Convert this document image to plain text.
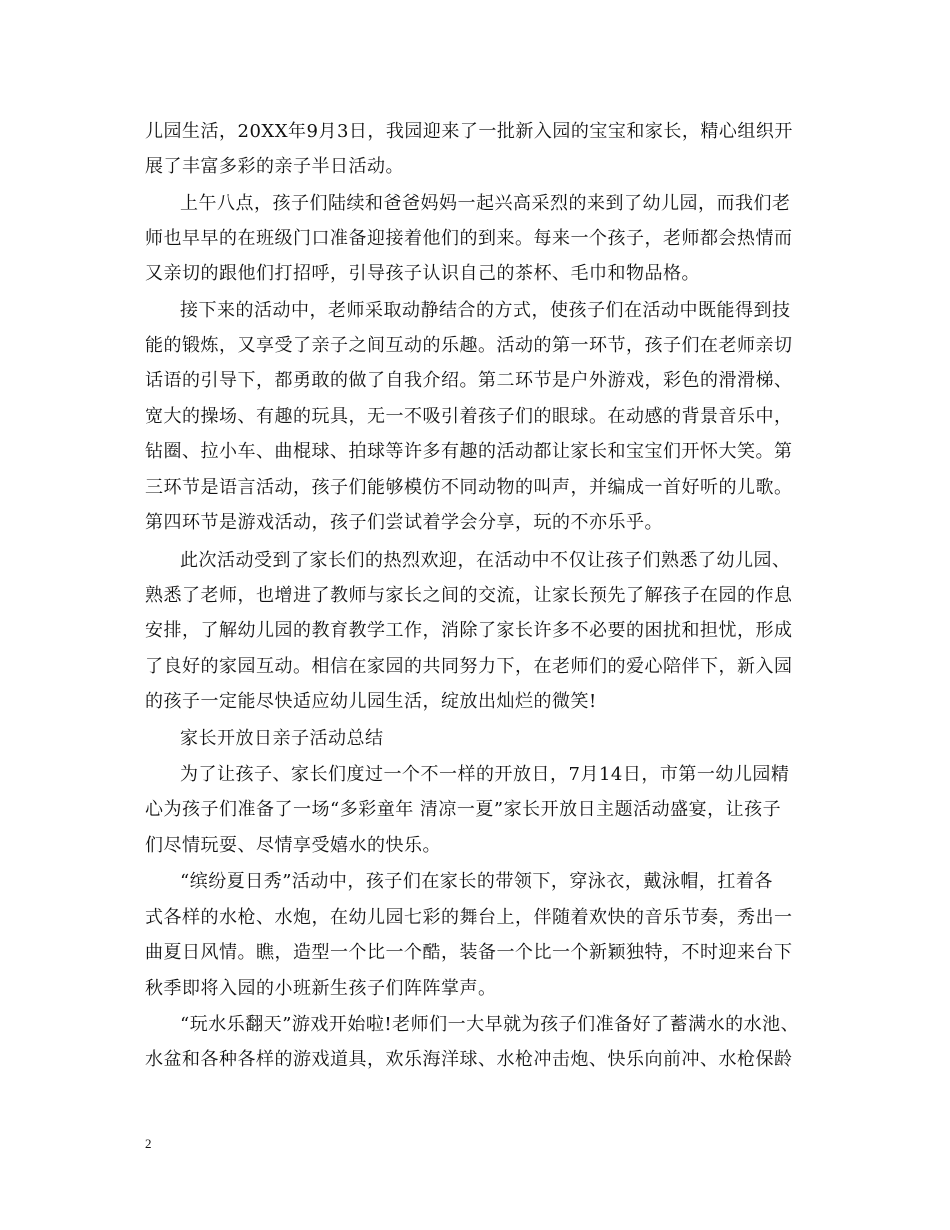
儿园生活，20XX年9月3日，我园迎来了一批新入园的宝宝和家长，精心组织开
展了丰富多彩的亲子半日活动。
上午八点，孩子们陆续和爸爸妈妈一起兴高采烈的来到了幼儿园，而我们老
师也早早的在班级门口准备迎接着他们的到来。每来一个孩子，老师都会热情而
又亲切的跟他们打招呼，引导孩子认识自己的茶杯、毛巾和物品格。
接下来的活动中，老师采取动静结合的方式，使孩子们在活动中既能得到技
能的锻炼，又享受了亲子之间互动的乐趣。活动的第一环节，孩子们在老师亲切
话语的引导下，都勇敢的做了自我介绍。第二环节是户外游戏，彩色的滑滑梯、
宽大的操场、有趣的玩具，无一不吸引着孩子们的眼球。在动感的背景音乐中，
钻圈、拉小车、曲棍球、拍球等许多有趣的活动都让家长和宝宝们开怀大笑。第
三环节是语言活动，孩子们能够模仿不同动物的叫声，并编成一首好听的儿歌。
第四环节是游戏活动，孩子们尝试着学会分享，玩的不亦乐乎。
此次活动受到了家长们的热烈欢迎，在活动中不仅让孩子们熟悉了幼儿园、
熟悉了老师，也增进了教师与家长之间的交流，让家长预先了解孩子在园的作息
安排，了解幼儿园的教育教学工作，消除了家长许多不必要的困扰和担忧，形成
了良好的家园互动。相信在家园的共同努力下，在老师们的爱心陪伴下，新入园
的孩子一定能尽快适应幼儿园生活，绽放出灿烂的微笑!
家长开放日亲子活动总结
为了让孩子、家长们度过一个不一样的开放日，7月14日，市第一幼儿园精
心为孩子们准备了一场“多彩童年 清凉一夏”家长开放日主题活动盛宴，让孩子
们尽情玩耍、尽情享受嬉水的快乐。
“缤纷夏日秀”活动中，孩子们在家长的带领下，穿泳衣，戴泳帽，扛着各
式各样的水枪、水炮，在幼儿园七彩的舞台上，伴随着欢快的音乐节奏，秀出一
曲夏日风情。瞧，造型一个比一个酷，装备一个比一个新颖独特，不时迎来台下
秋季即将入园的小班新生孩子们阵阵掌声。
“玩水乐翻天”游戏开始啦!老师们一大早就为孩子们准备好了蓄满水的水池、
水盆和各种各样的游戏道具，欢乐海洋球、水枪冲击炮、快乐向前冲、水枪保龄
2
